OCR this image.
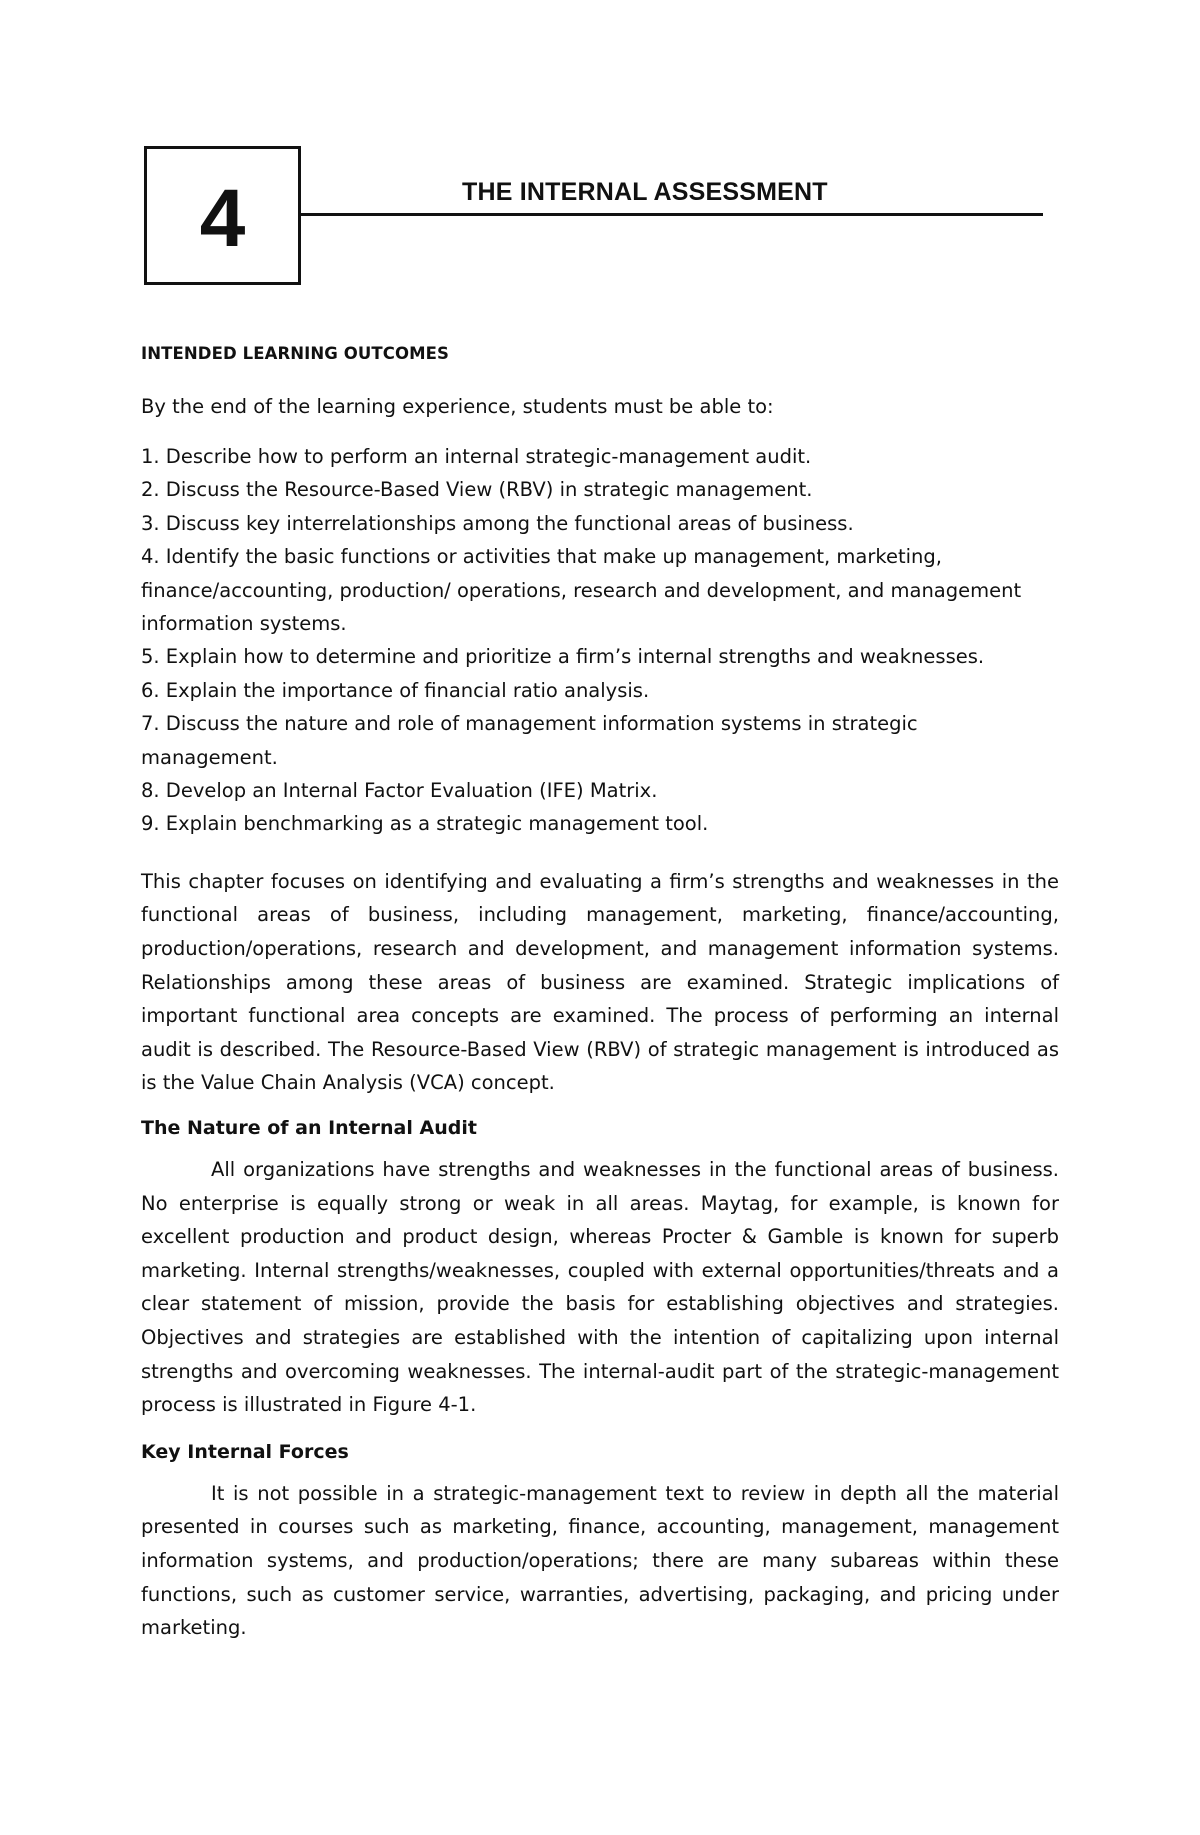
4	THE INTERNAL ASSESSMENT
INTENDED LEARNING OUTCOMES

By the end of the learning experience, students must be able to:

1. Describe how to perform an internal strategic-management audit.
2. Discuss the Resource-Based View (RBV) in strategic management.
3. Discuss key interrelationships among the functional areas of business.
4. Identify the basic functions or activities that make up management, marketing, finance/accounting, production/ operations, research and development, and management information systems.
5. Explain how to determine and prioritize a firm’s internal strengths and weaknesses.
6. Explain the importance of financial ratio analysis.
7. Discuss the nature and role of management information systems in strategic management.
8. Develop an Internal Factor Evaluation (IFE) Matrix.
9. Explain benchmarking as a strategic management tool.

This chapter focuses on identifying and evaluating a firm’s strengths and weaknesses in the functional areas of business, including management, marketing, finance/accounting, production/operations, research and development, and management information systems. Relationships among these areas of business are examined. Strategic implications of important functional area concepts are examined. The process of performing an internal audit is described. The Resource-Based View (RBV) of strategic management is introduced as is the Value Chain Analysis (VCA) concept.

The Nature of an Internal Audit

All organizations have strengths and weaknesses in the functional areas of business. No enterprise is equally strong or weak in all areas. Maytag, for example, is known for excellent production and product design, whereas Procter & Gamble is known for superb marketing. Internal strengths/weaknesses, coupled with external opportunities/threats and a clear statement of mission, provide the basis for establishing objectives and strategies. Objectives and strategies are established with the intention of capitalizing upon internal strengths and overcoming weaknesses. The internal-audit part of the strategic-management process is illustrated in Figure 4-1.

Key Internal Forces

It is not possible in a strategic-management text to review in depth all the material presented in courses such as marketing, finance, accounting, management, management information systems, and production/operations; there are many subareas within these functions, such as customer service, warranties, advertising, packaging, and pricing under marketing.
